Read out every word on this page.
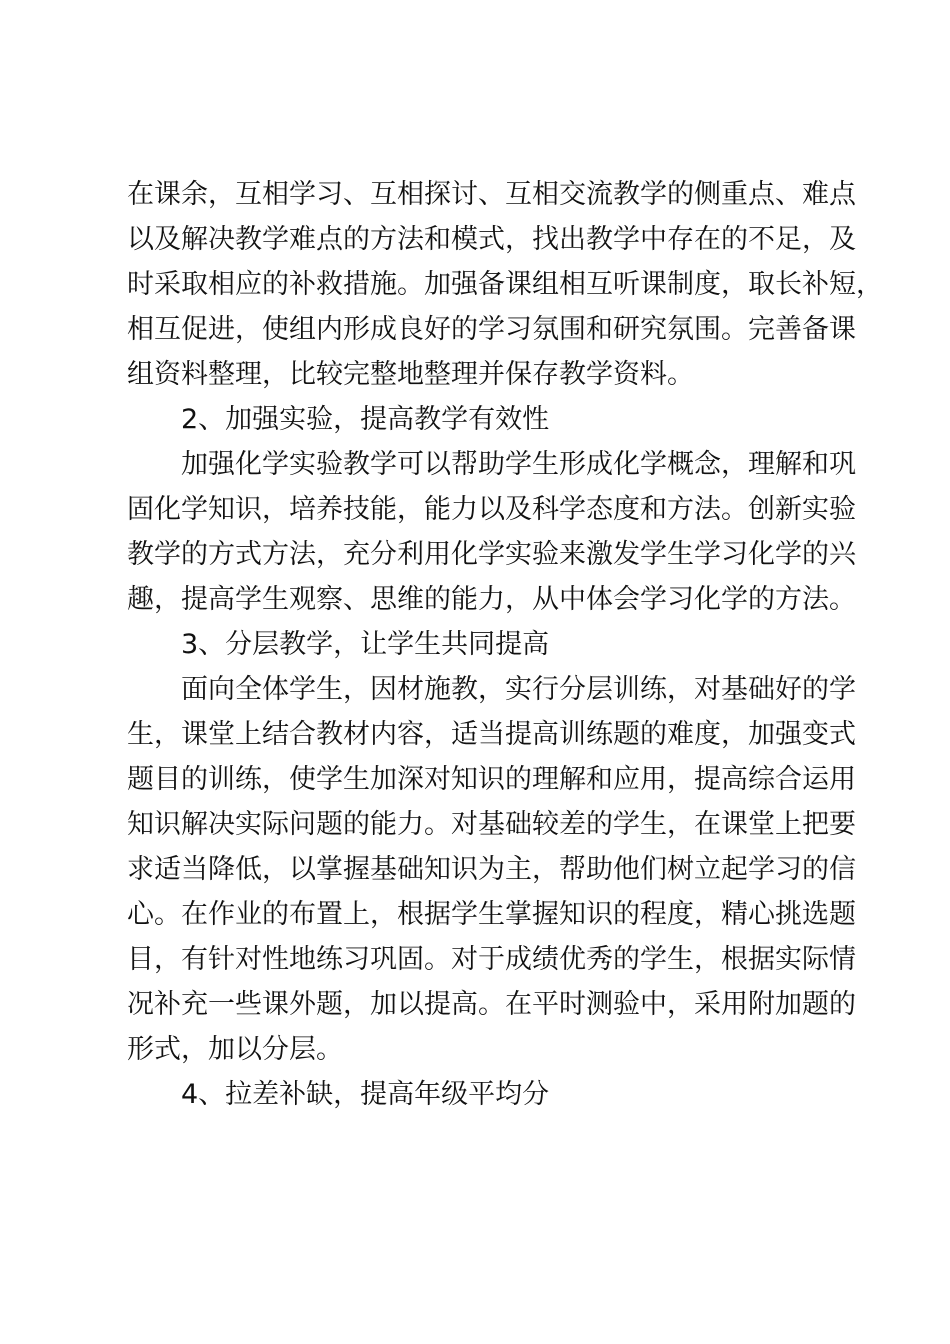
在课余，互相学习、互相探讨、互相交流教学的侧重点、难点
以及解决教学难点的方法和模式，找出教学中存在的不足，及
时采取相应的补救措施。加强备课组相互听课制度，取长补短，
相互促进，使组内形成良好的学习氛围和研究氛围。完善备课
组资料整理，比较完整地整理并保存教学资料。
2、加强实验，提高教学有效性
加强化学实验教学可以帮助学生形成化学概念，理解和巩
固化学知识，培养技能，能力以及科学态度和方法。创新实验
教学的方式方法，充分利用化学实验来激发学生学习化学的兴
趣，提高学生观察、思维的能力，从中体会学习化学的方法。
3、分层教学，让学生共同提高
面向全体学生，因材施教，实行分层训练，对基础好的学
生，课堂上结合教材内容，适当提高训练题的难度，加强变式
题目的训练，使学生加深对知识的理解和应用，提高综合运用
知识解决实际问题的能力。对基础较差的学生，在课堂上把要
求适当降低，以掌握基础知识为主，帮助他们树立起学习的信
心。在作业的布置上，根据学生掌握知识的程度，精心挑选题
目，有针对性地练习巩固。对于成绩优秀的学生，根据实际情
况补充一些课外题，加以提高。在平时测验中，采用附加题的
形式，加以分层。
4、拉差补缺，提高年级平均分
